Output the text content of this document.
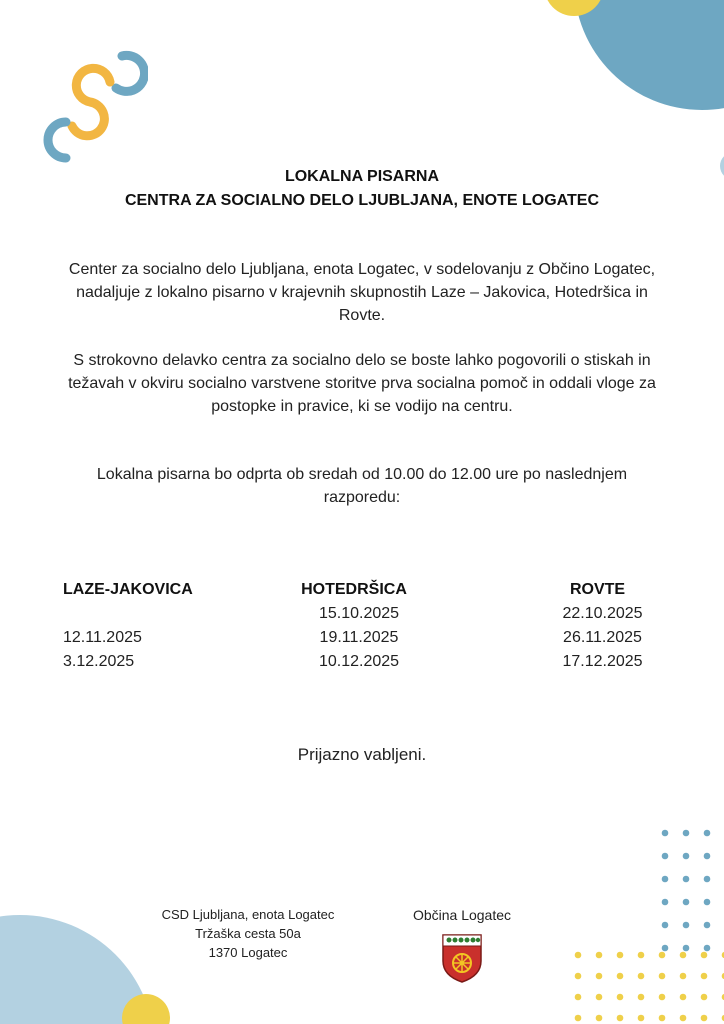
LOKALNA PISARNA
CENTRA ZA SOCIALNO DELO LJUBLJANA, ENOTE LOGATEC
Center za socialno delo Ljubljana, enota Logatec, v sodelovanju z Občino Logatec, nadaljuje z lokalno pisarno v krajevnih skupnostih Laze – Jakovica, Hotedršica in Rovte.
S strokovno delavko centra za socialno delo se boste lahko pogovorili o stiskah in težavah v okviru socialno varstvene storitve prva socialna pomoč in oddali vloge za postopke in pravice, ki se vodijo na centru.
Lokalna pisarna bo odprta ob sredah od 10.00 do 12.00 ure po naslednjem razporedu:
LAZE-JAKOVICA
12.11.2025
3.12.2025
HOTEDRŠICA
15.10.2025
19.11.2025
10.12.2025
ROVTE
22.10.2025
26.11.2025
17.12.2025
Prijazno vabljeni.
CSD Ljubljana, enota Logatec
Tržaška cesta 50a
1370 Logatec
Občina Logatec
